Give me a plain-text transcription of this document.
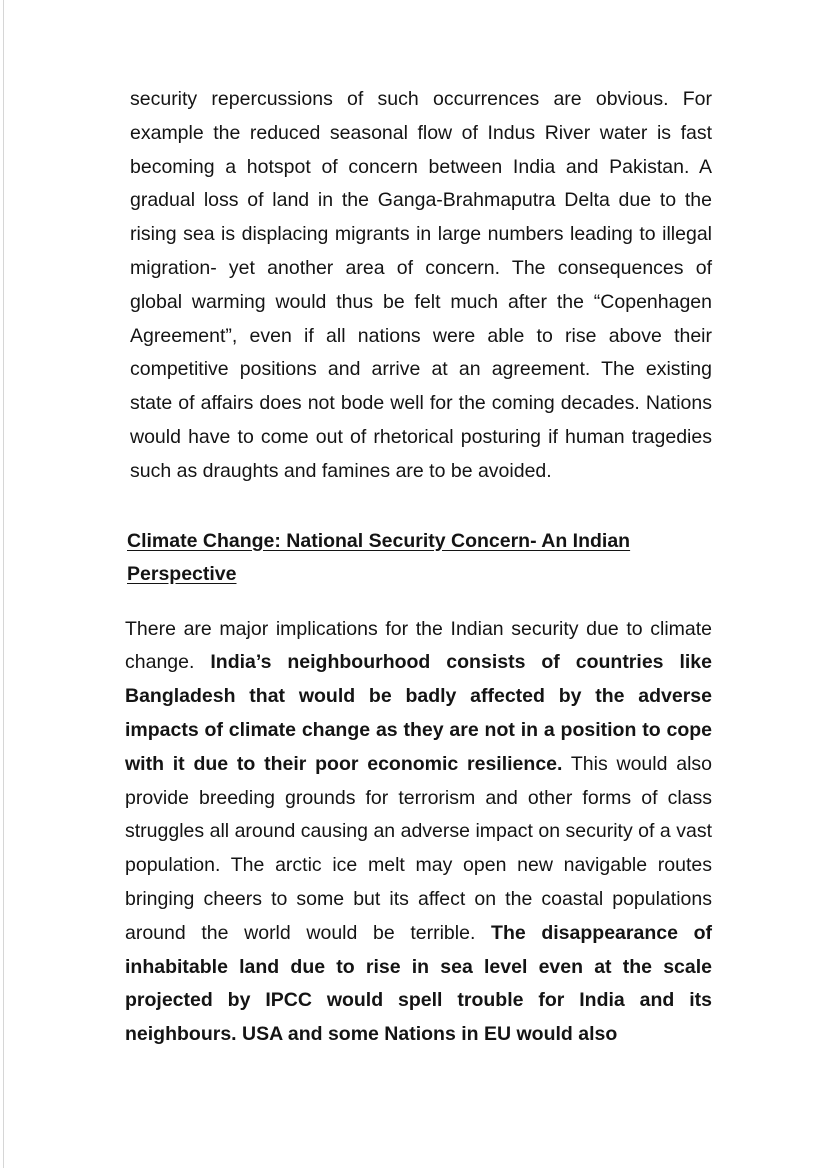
security repercussions of such occurrences are obvious. For example the reduced seasonal flow of Indus River water is fast becoming a hotspot of concern between India and Pakistan. A gradual loss of land in the Ganga-Brahmaputra Delta due to the rising sea is displacing migrants in large numbers leading to illegal migration- yet another area of concern. The consequences of global warming would thus be felt much after the “Copenhagen Agreement”, even if all nations were able to rise above their competitive positions and arrive at an agreement. The existing state of affairs does not bode well for the coming decades. Nations would have to come out of rhetorical posturing if human tragedies such as draughts and famines are to be avoided.

Climate Change: National Security Concern- An Indian Perspective

There are major implications for the Indian security due to climate change. India’s neighbourhood consists of countries like Bangladesh that would be badly affected by the adverse impacts of climate change as they are not in a position to cope with it due to their poor economic resilience. This would also provide breeding grounds for terrorism and other forms of class struggles all around causing an adverse impact on security of a vast population. The arctic ice melt may open new navigable routes bringing cheers to some but its affect on the coastal populations around the world would be terrible. The disappearance of inhabitable land due to rise in sea level even at the scale projected by IPCC would spell trouble for India and its neighbours. USA and some Nations in EU would also
